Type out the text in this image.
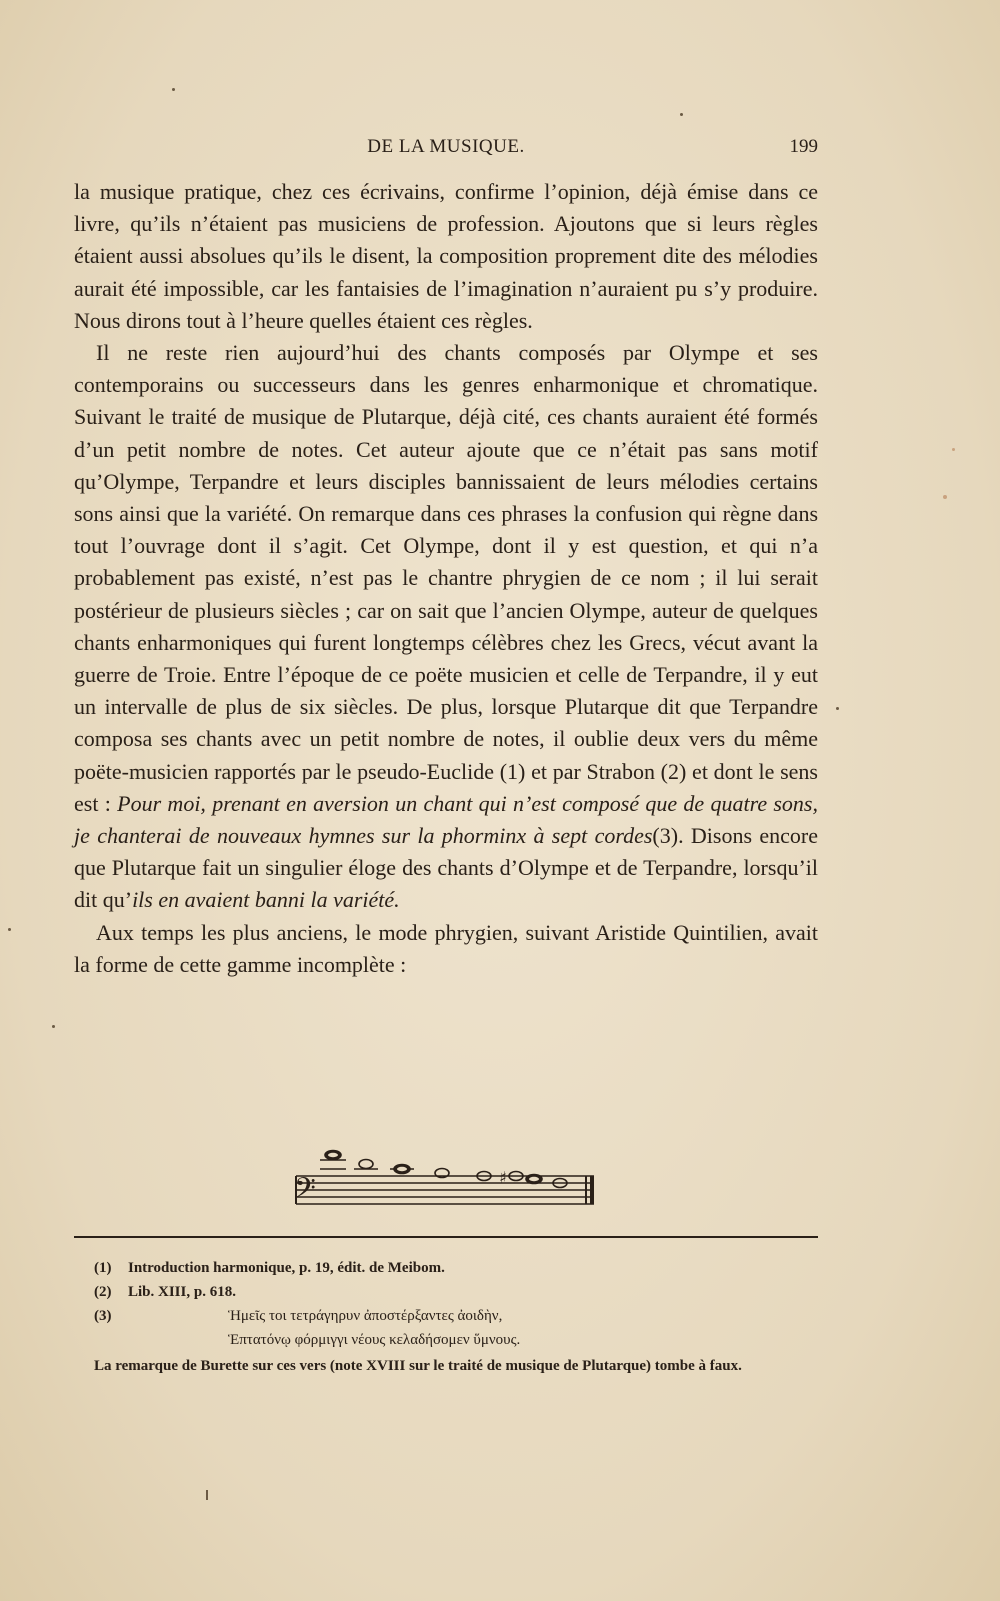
DE LA MUSIQUE.	199

la musique pratique, chez ces écrivains, confirme l’opinion, déjà émise dans ce livre, qu’ils n’étaient pas musiciens de profession. Ajoutons que si leurs règles étaient aussi absolues qu’ils le disent, la composition proprement dite des mélodies aurait été impossible, car les fantaisies de l’imagination n’auraient pu s’y produire. Nous dirons tout à l’heure quelles étaient ces règles.

Il ne reste rien aujourd’hui des chants composés par Olympe et ses contemporains ou successeurs dans les genres enharmonique et chromatique. Suivant le traité de musique de Plutarque, déjà cité, ces chants auraient été formés d’un petit nombre de notes. Cet auteur ajoute que ce n’était pas sans motif qu’Olympe, Terpandre et leurs disciples bannissaient de leurs mélodies certains sons ainsi que la variété. On remarque dans ces phrases la confusion qui règne dans tout l’ouvrage dont il s’agit. Cet Olympe, dont il y est question, et qui n’a probablement pas existé, n’est pas le chantre phrygien de ce nom ; il lui serait postérieur de plusieurs siècles ; car on sait que l’ancien Olympe, auteur de quelques chants enharmoniques qui furent longtemps célèbres chez les Grecs, vécut avant la guerre de Troie. Entre l’époque de ce poëte musicien et celle de Terpandre, il y eut un intervalle de plus de six siècles. De plus, lorsque Plutarque dit que Terpandre composa ses chants avec un petit nombre de notes, il oublie deux vers du même poëte-musicien rapportés par le pseudo-Euclide (1) et par Strabon (2) et dont le sens est : Pour moi, prenant en aversion un chant qui n’est composé que de quatre sons, je chanterai de nouveaux hymnes sur la phorminx à sept cordes(3). Disons encore que Plutarque fait un singulier éloge des chants d’Olympe et de Terpandre, lorsqu’il dit qu’ils en avaient banni la variété.

Aux temps les plus anciens, le mode phrygien, suivant Aristide Quintilien, avait la forme de cette gamme incomplète :

𝄢	♯

(1) Introduction harmonique, p. 19, édit. de Meibom.

(2) Lib. XIII, p. 618.

(3)	Ἡμεῖς τοι τετράγηρυν ἀποστέρξαντες ἀοιδὴν,

Ἑπτατόνῳ φόρμιγγι νέους κελαδήσομεν ὕμνους.

La remarque de Burette sur ces vers (note XVIII sur le traité de musique de Plutarque) tombe à faux.
